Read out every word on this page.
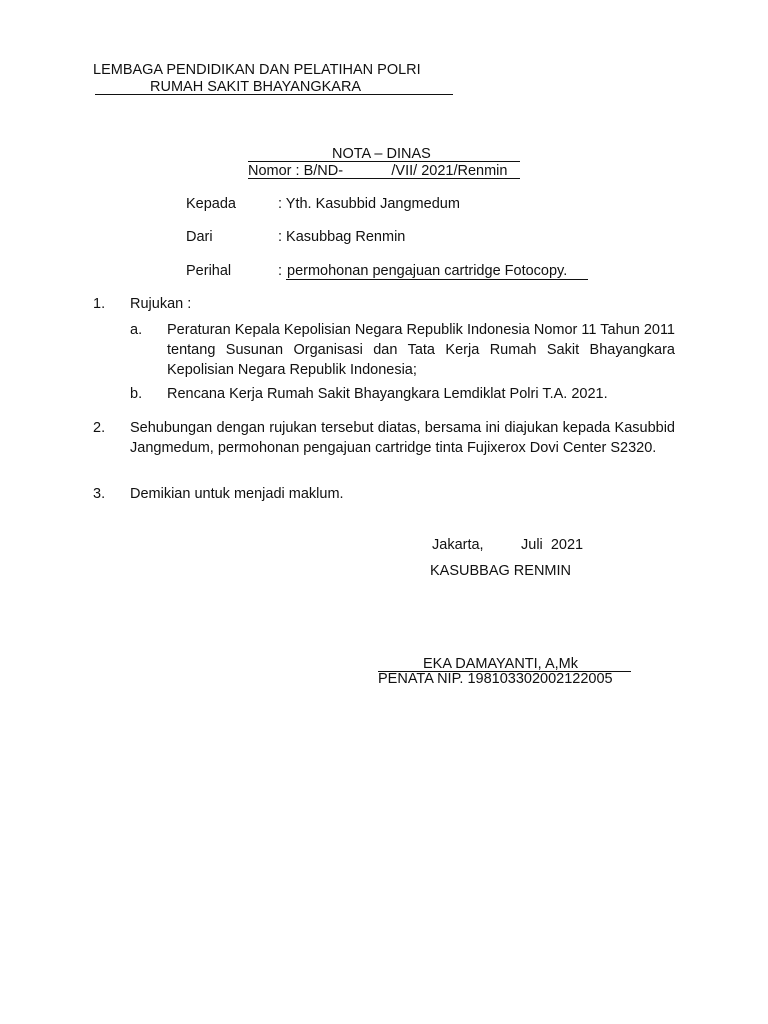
LEMBAGA PENDIDIKAN DAN PELATIHAN POLRI
RUMAH SAKIT BHAYANGKARA
NOTA – DINAS
Nomor : B/ND-            /VII/ 2021/Renmin
Kepada	: Yth. Kasubbid Jangmedum
Dari	: Kasubbag Renmin
Perihal	: permohonan pengajuan cartridge Fotocopy.
1. Rujukan :
a. Peraturan Kepala Kepolisian Negara Republik Indonesia Nomor 11 Tahun 2011 tentang Susunan Organisasi dan Tata Kerja Rumah Sakit Bhayangkara Kepolisian Negara Republik Indonesia;
b. Rencana Kerja Rumah Sakit Bhayangkara Lemdiklat Polri T.A. 2021.
2. Sehubungan dengan rujukan tersebut diatas, bersama ini diajukan kepada Kasubbid Jangmedum, permohonan pengajuan cartridge tinta Fujixerox Dovi Center S2320.
3. Demikian untuk menjadi maklum.
Jakarta,	Juli  2021
KASUBBAG RENMIN
EKA DAMAYANTI, A,Mk
PENATA NIP. 19810330200212200​5
